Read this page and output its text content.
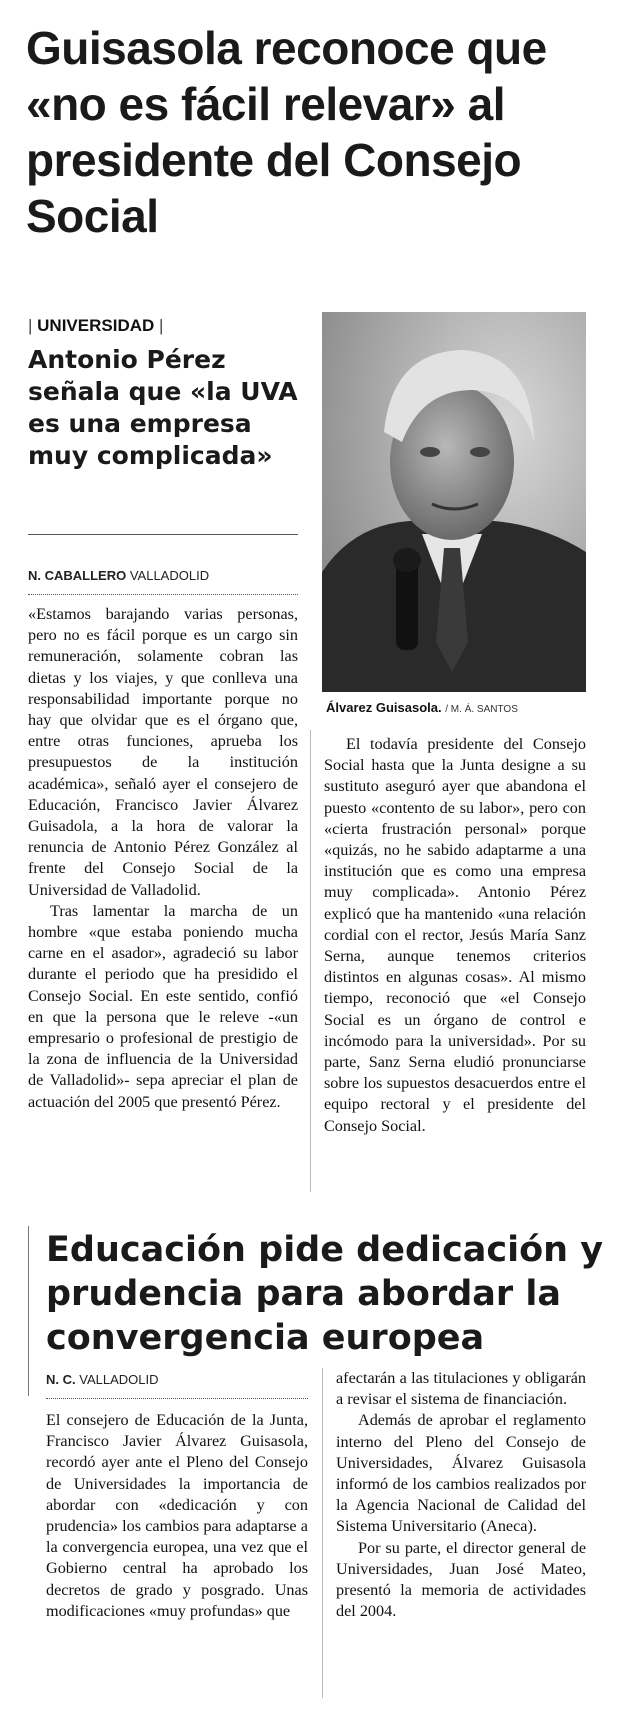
Guisasola reconoce que «no es fácil relevar» al presidente del Consejo Social
| UNIVERSIDAD |
Antonio Pérez señala que «la UVA es una empresa muy complicada»
N. CABALLERO VALLADOLID
Álvarez Guisasola. / M. Á. SANTOS

«Estamos barajando varias personas, pero no es fácil porque es un cargo sin remuneración, solamente cobran las dietas y los viajes, y que conlleva una responsabilidad importante porque no hay que olvidar que es el órgano que, entre otras funciones, aprueba los presupuestos de la institución académica», señaló ayer el consejero de Educación, Francisco Javier Álvarez Guisadola, a la hora de valorar la renuncia de Antonio Pérez González al frente del Consejo Social de la Universidad de Valladolid.

Tras lamentar la marcha de un hombre «que estaba poniendo mucha carne en el asador», agradeció su labor durante el periodo que ha presidido el Consejo Social. En este sentido, confió en que la persona que le releve -«un empresario o profesional de prestigio de la zona de influencia de la Universidad de Valladolid»- sepa apreciar el plan de actuación del 2005 que presentó Pérez.

El todavía presidente del Consejo Social hasta que la Junta designe a su sustituto aseguró ayer que abandona el puesto «contento de su labor», pero con «cierta frustración personal» porque «quizás, no he sabido adaptarme a una institución que es como una empresa muy complicada». Antonio Pérez explicó que ha mantenido «una relación cordial con el rector, Jesús María Sanz Serna, aunque tenemos criterios distintos en algunas cosas». Al mismo tiempo, reconoció que «el Consejo Social es un órgano de control e incómodo para la universidad». Por su parte, Sanz Serna eludió pronunciarse sobre los supuestos desacuerdos entre el equipo rectoral y el presidente del Consejo Social.

Educación pide dedicación y prudencia para abordar la convergencia europea
N. C. VALLADOLID

El consejero de Educación de la Junta, Francisco Javier Álvarez Guisasola, recordó ayer ante el Pleno del Consejo de Universidades la importancia de abordar con «dedicación y con prudencia» los cambios para adaptarse a la convergencia europea, una vez que el Gobierno central ha aprobado los decretos de grado y posgrado. Unas modificaciones «muy profundas» que

afectarán a las titulaciones y obligarán a revisar el sistema de financiación.

Además de aprobar el reglamento interno del Pleno del Consejo de Universidades, Álvarez Guisasola informó de los cambios realizados por la Agencia Nacional de Calidad del Sistema Universitario (Aneca).

Por su parte, el director general de Universidades, Juan José Mateo, presentó la memoria de actividades del 2004.
